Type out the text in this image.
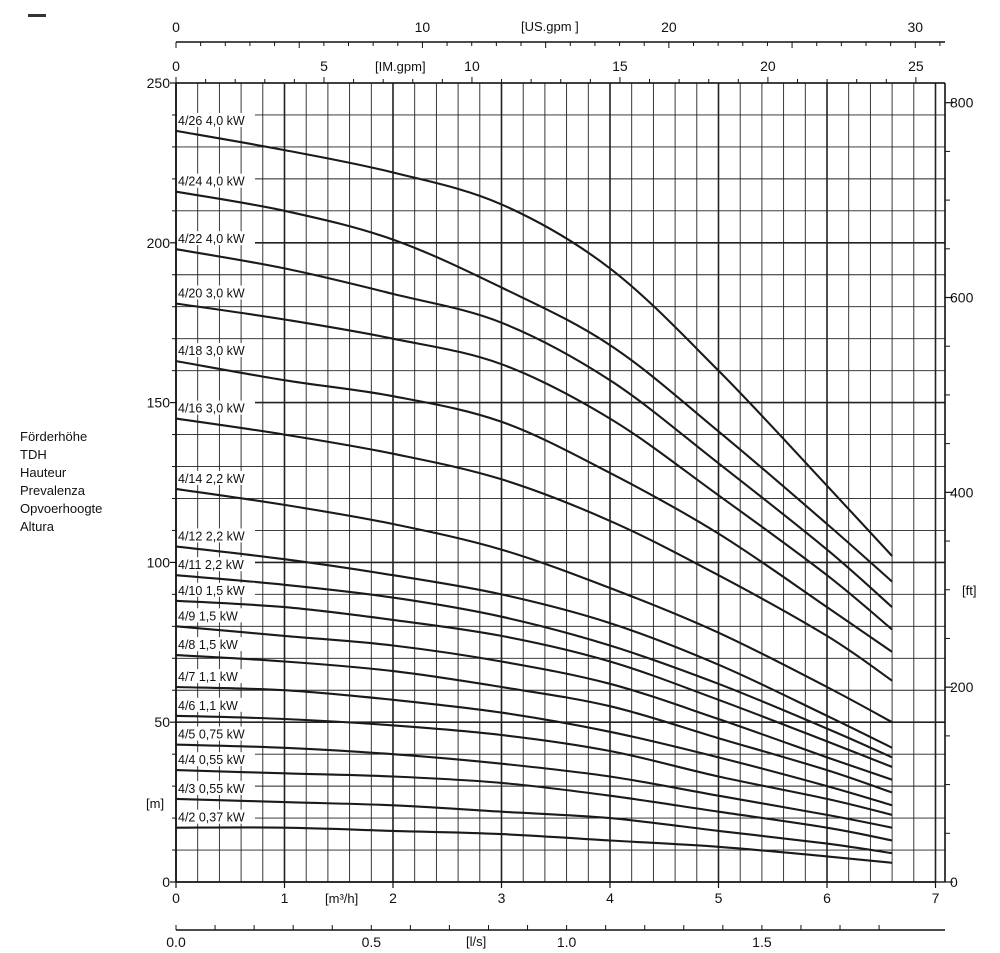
Förderhöhe
TDH
Hauteur
Prevalenza
Opvoerhoogte
Altura
0
50
100
150
200
250
[m]
0
200
400
600
800
[ft]
0	1	2	3	4	5	6	7
[m³/h]
0.0	0.5	1.0	1.5
[l/s]
0	10	20	30
[US.gpm ]
0	5	10	15	20	25
[IM.gpm]
4/26 4,0 kW
4/24 4,0 kW
4/22 4,0 kW
4/20 3,0 kW
4/18 3,0 kW
4/16 3,0 kW
4/14 2,2 kW
4/12 2,2 kW
4/11 2,2 kW
4/10 1,5 kW
4/9 1,5 kW
4/8 1,5 kW
4/7 1,1 kW
4/6 1,1 kW
4/5 0,75 kW
4/4 0,55 kW
4/3 0,55 kW
4/2 0,37 kW
